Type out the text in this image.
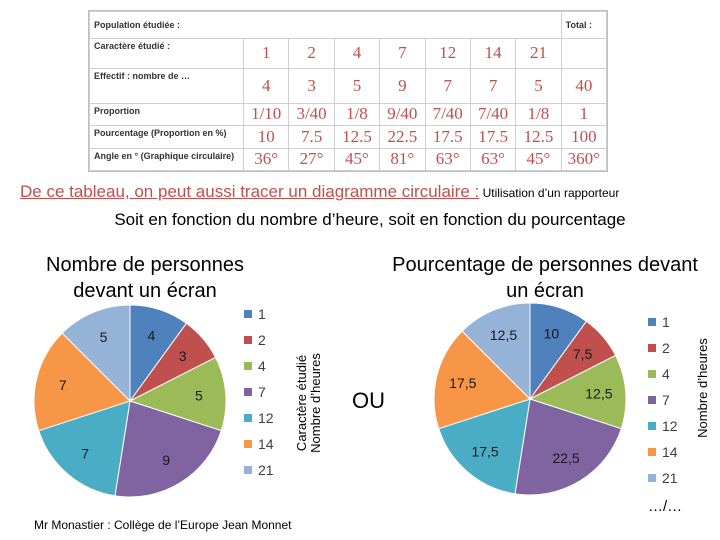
Population étudiée :								Total :
Caractère étudié :	1	2	4	7	12	14	21	
Effectif : nombre de …	4	3	5	9	7	7	5	40
Proportion	1/10	3/40	1/8	9/40	7/40	7/40	1/8	1
Pourcentage (Proportion en %)	10	7.5	12.5	22.5	17.5	17.5	12.5	100
Angle en ° (Graphique circulaire)	36°	27°	45°	81°	63°	63°	45°	360°
De ce tableau, on peut aussi tracer un diagramme circulaire : Utilisation d’un rapporteur
Soit en fonction du nombre d’heure, soit en fonction du pourcentage
Nombre de personnes devant un écran
Pourcentage de personnes devant un écran
4
3
5
9
7
7
5
1
2
4
7
12
14
21
10
7,5
12,5
22,5
17,5
17,5
12,5
1
2
4
7
12
14
21
Caractère étudié Nombre d’heures	Nombre d’heures
OU
Mr Monastier : Collège de l’Europe Jean Monnet
…/…
